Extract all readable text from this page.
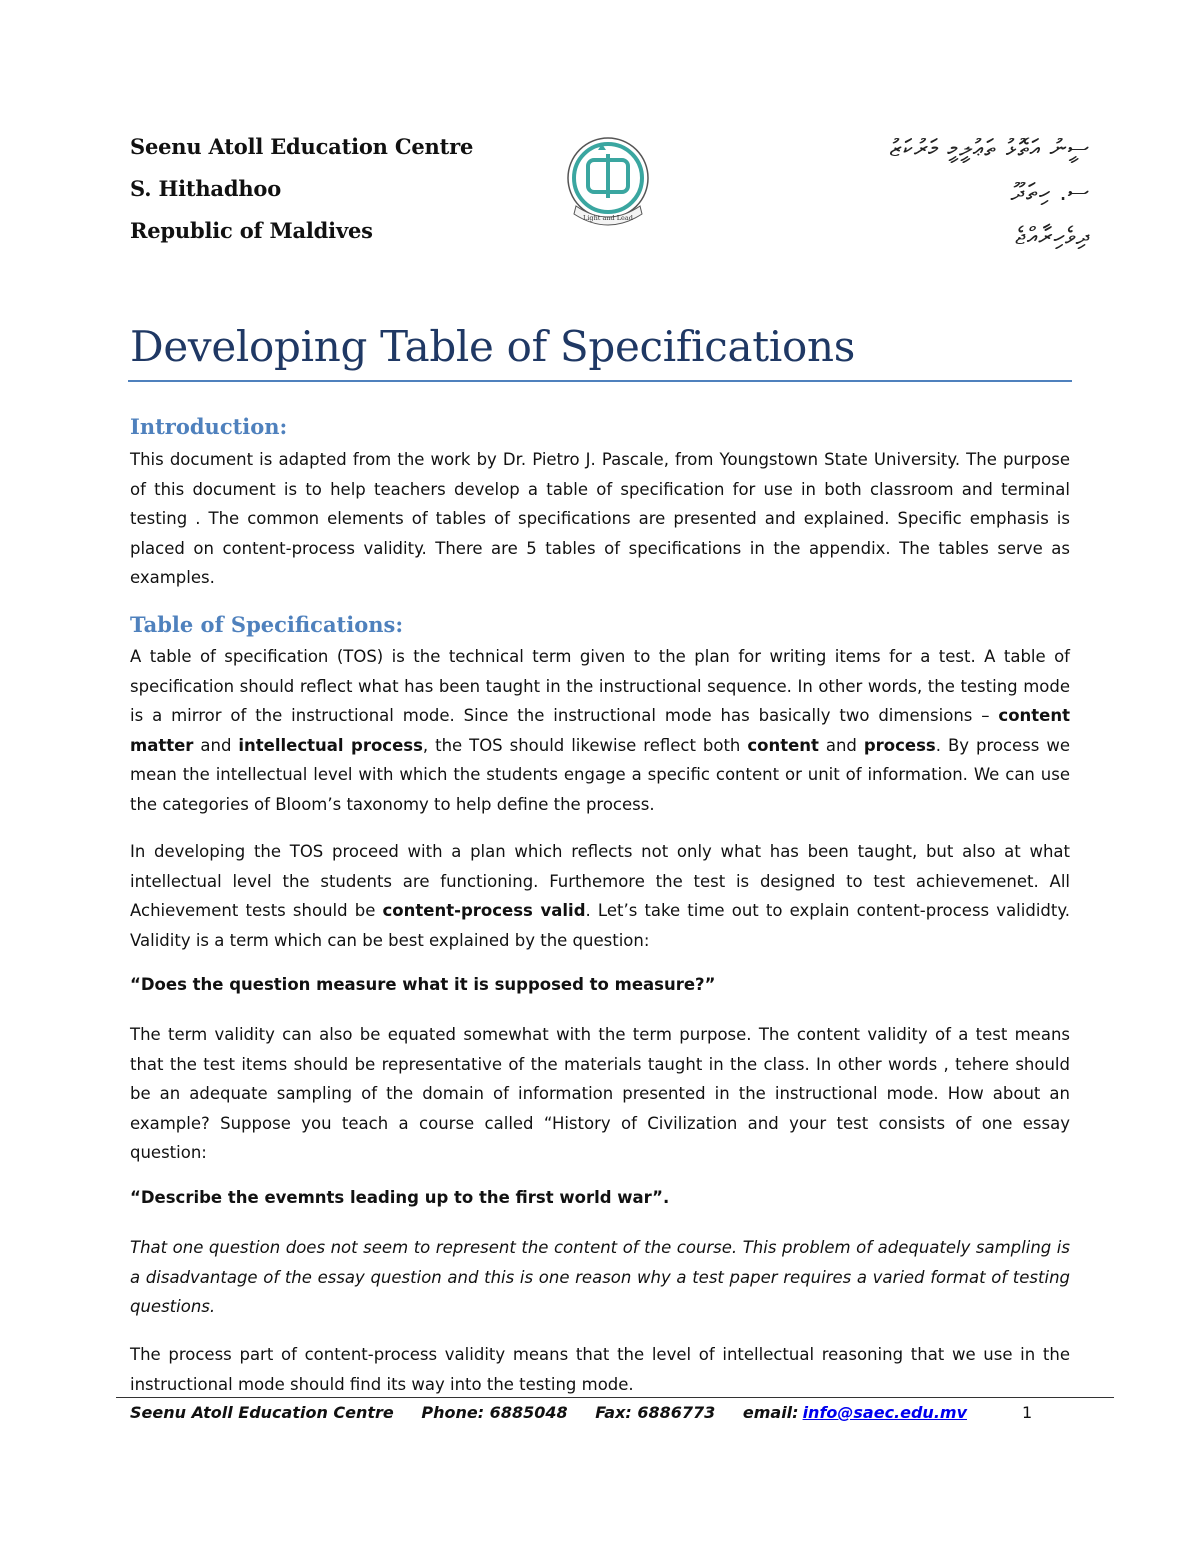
Seenu Atoll Education Centre
S. Hithadhoo
Republic of Maldives	Light and Lead
ސީނު އަތޮޅު ތަޢުލީމީ މަރުކަޒު
ސ. ހިތަދޫ
ދިވެހިރާއްޖެ
Developing Table of Specifications
Introduction:
This document is adapted from the work by Dr. Pietro J. Pascale, from Youngstown State University. The purpose of this document is to help teachers develop a table of specification for use in both classroom and terminal testing . The common elements of tables of specifications are presented and explained. Specific emphasis is placed on content-process validity. There are 5 tables of specifications in the appendix. The tables serve as examples.
Table of Specifications:
A table of specification (TOS) is the technical term given to the plan for writing items for a test. A table of specification should reflect what has been taught in the instructional sequence. In other words, the testing mode is a mirror of the instructional mode. Since the instructional mode has basically two dimensions – content matter and intellectual process, the TOS should likewise reflect both content and process. By process we mean the intellectual level with which the students engage a specific content or unit of information. We can use the categories of Bloom’s taxonomy to help define the process.
In developing the TOS proceed with a plan which reflects not only what has been taught, but also at what intellectual level the students are functioning. Furthemore the test is designed to test achievemenet. All Achievement tests should be content-process valid. Let’s take time out to explain content-process valididty. Validity is a term which can be best explained by the question:
“Does the question measure what it is supposed to measure?”
The term validity can also be equated somewhat with the term purpose. The content validity of a test means that the test items should be representative of the materials taught in the class. In other words , tehere should be an adequate sampling of the domain of information presented in the instructional mode. How about an example? Suppose you teach a course called “History of Civilization and your test consists of one essay question:
“Describe the evemnts leading up to the first world war”.
That one question does not seem to represent the content of the course. This problem of adequately sampling is a disadvantage of the essay question and this is one reason why a test paper requires a varied format of testing questions.
The process part of content-process validity means that the level of intellectual reasoning that we use in the instructional mode should find its way into the testing mode.
Seenu Atoll Education Centre Phone: 6885048 Fax: 6886773 email: info@saec.edu.mv	1
